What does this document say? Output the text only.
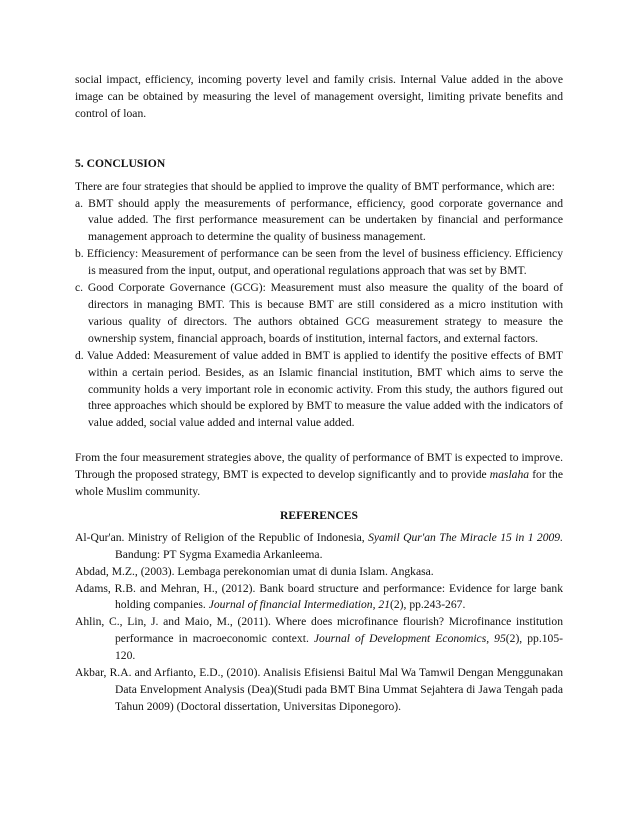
social impact, efficiency, incoming poverty level and family crisis. Internal Value added in the above image can be obtained by measuring the level of management oversight, limiting private benefits and control of loan.

5. CONCLUSION

There are four strategies that should be applied to improve the quality of BMT performance, which are:

a. BMT should apply the measurements of performance, efficiency, good corporate governance and value added. The first performance measurement can be undertaken by financial and performance management approach to determine the quality of business management.

b. Efficiency: Measurement of performance can be seen from the level of business efficiency. Efficiency is measured from the input, output, and operational regulations approach that was set by BMT.

c. Good Corporate Governance (GCG): Measurement must also measure the quality of the board of directors in managing BMT. This is because BMT are still considered as a micro institution with various quality of directors. The authors obtained GCG measurement strategy to measure the ownership system, financial approach, boards of institution, internal factors, and external factors.

d. Value Added: Measurement of value added in BMT is applied to identify the positive effects of BMT within a certain period. Besides, as an Islamic financial institution, BMT which aims to serve the community holds a very important role in economic activity. From this study, the authors figured out three approaches which should be explored by BMT to measure the value added with the indicators of value added, social value added and internal value added.

From the four measurement strategies above, the quality of performance of BMT is expected to improve. Through the proposed strategy, BMT is expected to develop significantly and to provide maslaha for the whole Muslim community.

REFERENCES

Al-Qur'an. Ministry of Religion of the Republic of Indonesia, Syamil Qur'an The Miracle 15 in 1 2009. Bandung: PT Sygma Examedia Arkanleema.

Abdad, M.Z., (2003). Lembaga perekonomian umat di dunia Islam. Angkasa.

Adams, R.B. and Mehran, H., (2012). Bank board structure and performance: Evidence for large bank holding companies. Journal of financial Intermediation, 21(2), pp.243-267.

Ahlin, C., Lin, J. and Maio, M., (2011). Where does microfinance flourish? Microfinance institution performance in macroeconomic context. Journal of Development Economics, 95(2), pp.105-120.

Akbar, R.A. and Arfianto, E.D., (2010). Analisis Efisiensi Baitul Mal Wa Tamwil Dengan Menggunakan Data Envelopment Analysis (Dea)(Studi pada BMT Bina Ummat Sejahtera di Jawa Tengah pada Tahun 2009) (Doctoral dissertation, Universitas Diponegoro).
